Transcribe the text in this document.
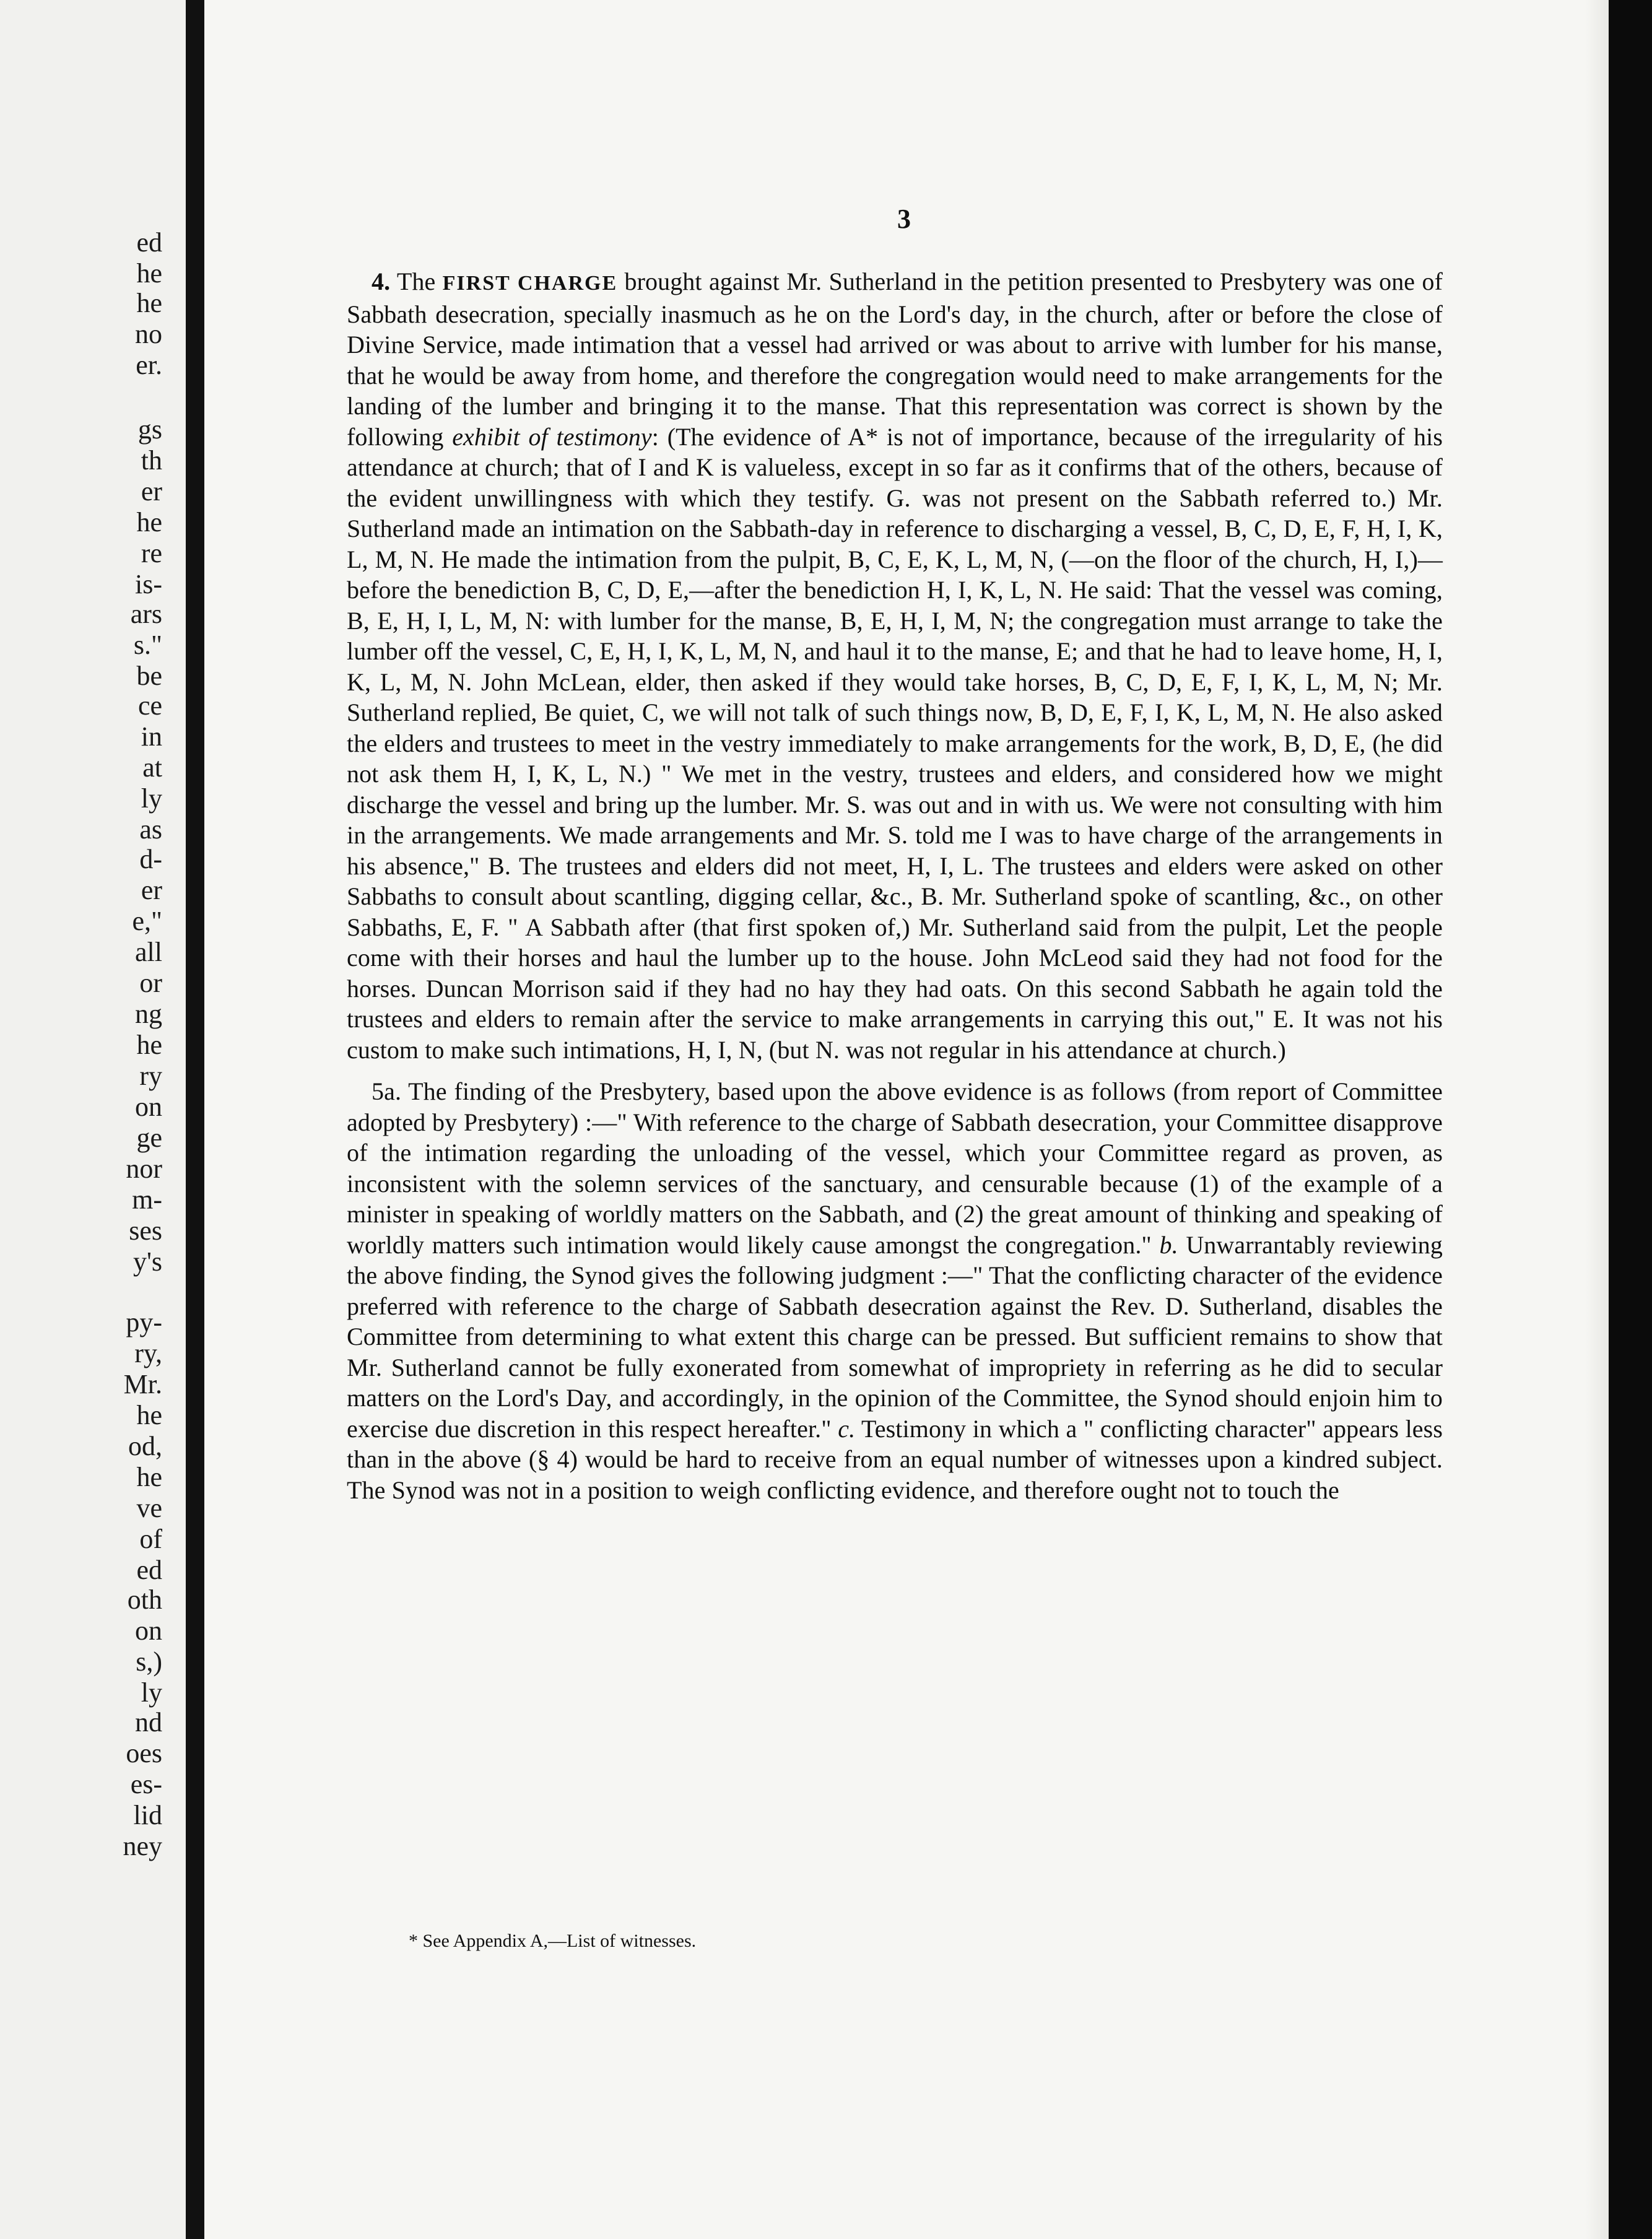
ed
he
he
no
er.
gs
th
er
he
re
is-
ars
s."
be
ce
in
at
ly
as
d-
er
e,"
all
or
ng
he
ry
on
ge
nor
m-
ses
y's
py-
ry,
Mr.
he
od,
he
ve
of
ed
oth
on
s,)
ly
nd
oes
es-
lid
ney
3

4. The FIRST CHARGE brought against Mr. Sutherland in the petition presented to Presbytery was one of Sabbath desecration, specially inasmuch as he on the Lord's day, in the church, after or before the close of Divine Service, made intimation that a vessel had arrived or was about to arrive with lumber for his manse, that he would be away from home, and therefore the congregation would need to make arrangements for the landing of the lumber and bringing it to the manse. That this representation was correct is shown by the following exhibit of testimony: (The evidence of A* is not of importance, because of the irregularity of his attendance at church; that of I and K is valueless, except in so far as it confirms that of the others, because of the evident unwillingness with which they testify. G. was not present on the Sabbath referred to.) Mr. Sutherland made an intimation on the Sabbath-day in reference to discharging a vessel, B, C, D, E, F, H, I, K, L, M, N. He made the intimation from the pulpit, B, C, E, K, L, M, N, (—on the floor of the church, H, I,)—before the benediction B, C, D, E,—after the benediction H, I, K, L, N. He said: That the vessel was coming, B, E, H, I, L, M, N: with lumber for the manse, B, E, H, I, M, N; the congregation must arrange to take the lumber off the vessel, C, E, H, I, K, L, M, N, and haul it to the manse, E; and that he had to leave home, H, I, K, L, M, N. John McLean, elder, then asked if they would take horses, B, C, D, E, F, I, K, L, M, N; Mr. Sutherland replied, Be quiet, C, we will not talk of such things now, B, D, E, F, I, K, L, M, N. He also asked the elders and trustees to meet in the vestry immediately to make arrangements for the work, B, D, E, (he did not ask them H, I, K, L, N.) " We met in the vestry, trustees and elders, and considered how we might discharge the vessel and bring up the lumber. Mr. S. was out and in with us. We were not consulting with him in the arrangements. We made arrangements and Mr. S. told me I was to have charge of the arrangements in his absence," B. The trustees and elders did not meet, H, I, L. The trustees and elders were asked on other Sabbaths to consult about scantling, digging cellar, &c., B. Mr. Sutherland spoke of scantling, &c., on other Sabbaths, E, F. " A Sabbath after (that first spoken of,) Mr. Sutherland said from the pulpit, Let the people come with their horses and haul the lumber up to the house. John McLeod said they had not food for the horses. Duncan Morrison said if they had no hay they had oats. On this second Sabbath he again told the trustees and elders to remain after the service to make arrangements in carrying this out," E. It was not his custom to make such intimations, H, I, N, (but N. was not regular in his attendance at church.)

5a. The finding of the Presbytery, based upon the above evidence is as follows (from report of Committee adopted by Presbytery) :—" With reference to the charge of Sabbath desecration, your Committee disapprove of the intimation regarding the unloading of the vessel, which your Committee regard as proven, as inconsistent with the solemn services of the sanctuary, and censurable because (1) of the example of a minister in speaking of worldly matters on the Sabbath, and (2) the great amount of thinking and speaking of worldly matters such intimation would likely cause amongst the congregation." b. Unwarrantably reviewing the above finding, the Synod gives the following judgment :—" That the conflicting character of the evidence preferred with reference to the charge of Sabbath desecration against the Rev. D. Sutherland, disables the Committee from determining to what extent this charge can be pressed. But sufficient remains to show that Mr. Sutherland cannot be fully exonerated from somewhat of impropriety in referring as he did to secular matters on the Lord's Day, and accordingly, in the opinion of the Committee, the Synod should enjoin him to exercise due discretion in this respect hereafter." c. Testimony in which a " conflicting character" appears less than in the above (§ 4) would be hard to receive from an equal number of witnesses upon a kindred subject. The Synod was not in a position to weigh conflicting evidence, and therefore ought not to touch the

* See Appendix A,—List of witnesses.
